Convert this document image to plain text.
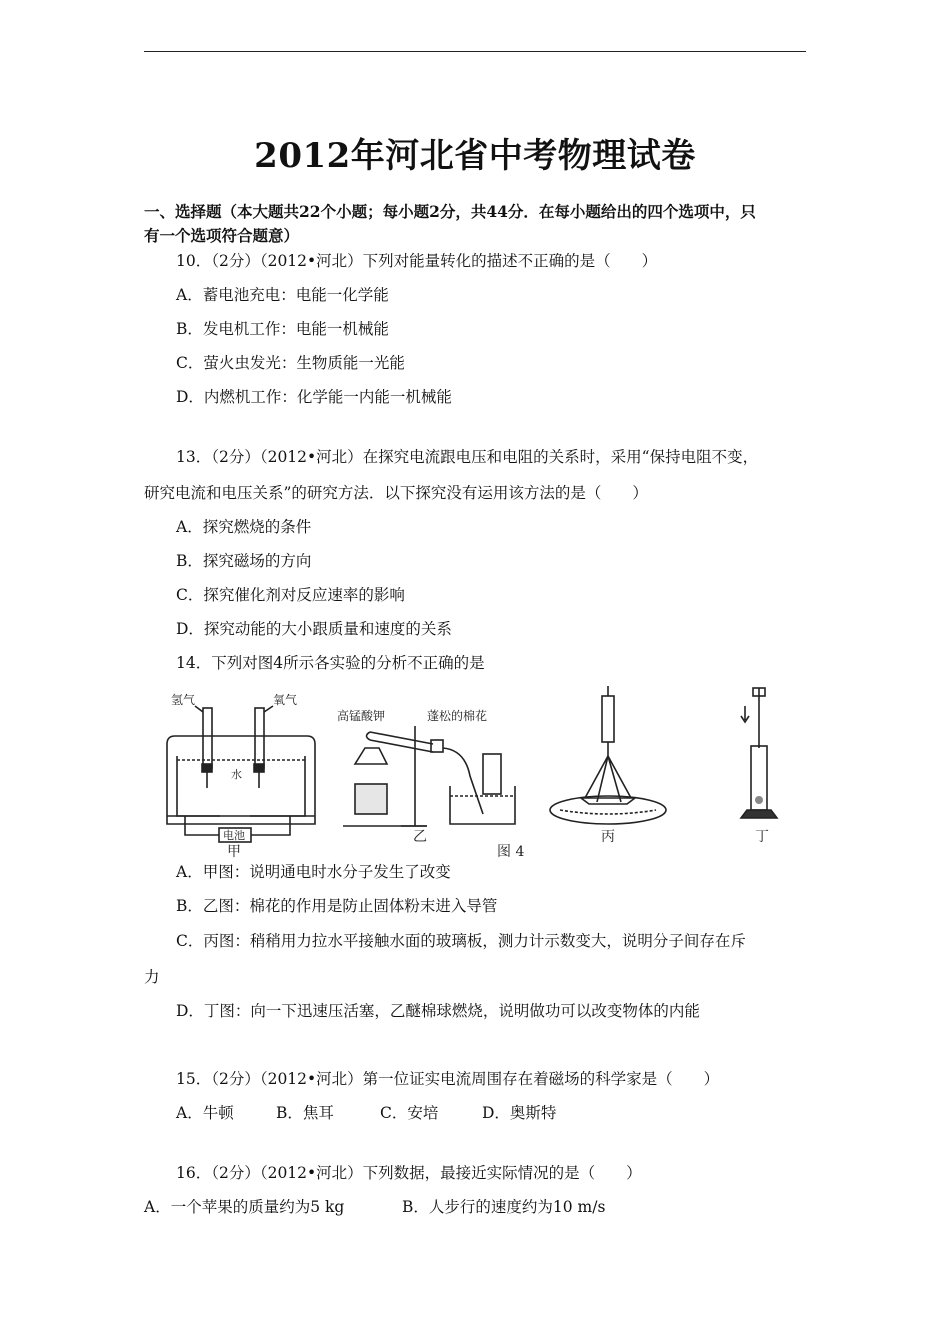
2012年河北省中考物理试卷

一、选择题（本大题共22个小题；每小题2分，共44分．在每小题给出的四个选项中，只

有一个选项符合题意）

10．（2分）（2012•河北）下列对能量转化的描述不正确的是（　　）

A．蓄电池充电：电能一化学能

B．发电机工作：电能一机械能

C．萤火虫发光：生物质能一光能

D．内燃机工作：化学能一内能一机械能

13．（2分）（2012•河北）在探究电流跟电压和电阻的关系时，采用“保持电阻不变，

研究电流和电压关系”的研究方法．以下探究没有运用该方法的是（　　）

A．探究燃烧的条件

B．探究磁场的方向

C．探究催化剂对反应速率的影响

D．探究动能的大小跟质量和速度的关系

14．下列对图4所示各实验的分析不正确的是

氢气	氧气
水
电池
甲
高锰酸钾	蓬松的棉花
乙
图 4
丙	丁

A．甲图：说明通电时水分子发生了改变

B．乙图：棉花的作用是防止固体粉末进入导管

C．丙图：稍稍用力拉水平接触水面的玻璃板，测力计示数变大，说明分子间存在斥

力

D．丁图：向一下迅速压活塞，乙醚棉球燃烧，说明做功可以改变物体的内能

15．（2分）（2012•河北）第一位证实电流周围存在着磁场的科学家是（　　）

A．牛顿	B．焦耳	C．安培	D．奥斯特

16．（2分）（2012•河北）下列数据，最接近实际情况的是（　　）

A．一个苹果的质量约为5 kg	B．人步行的速度约为10 m/s
